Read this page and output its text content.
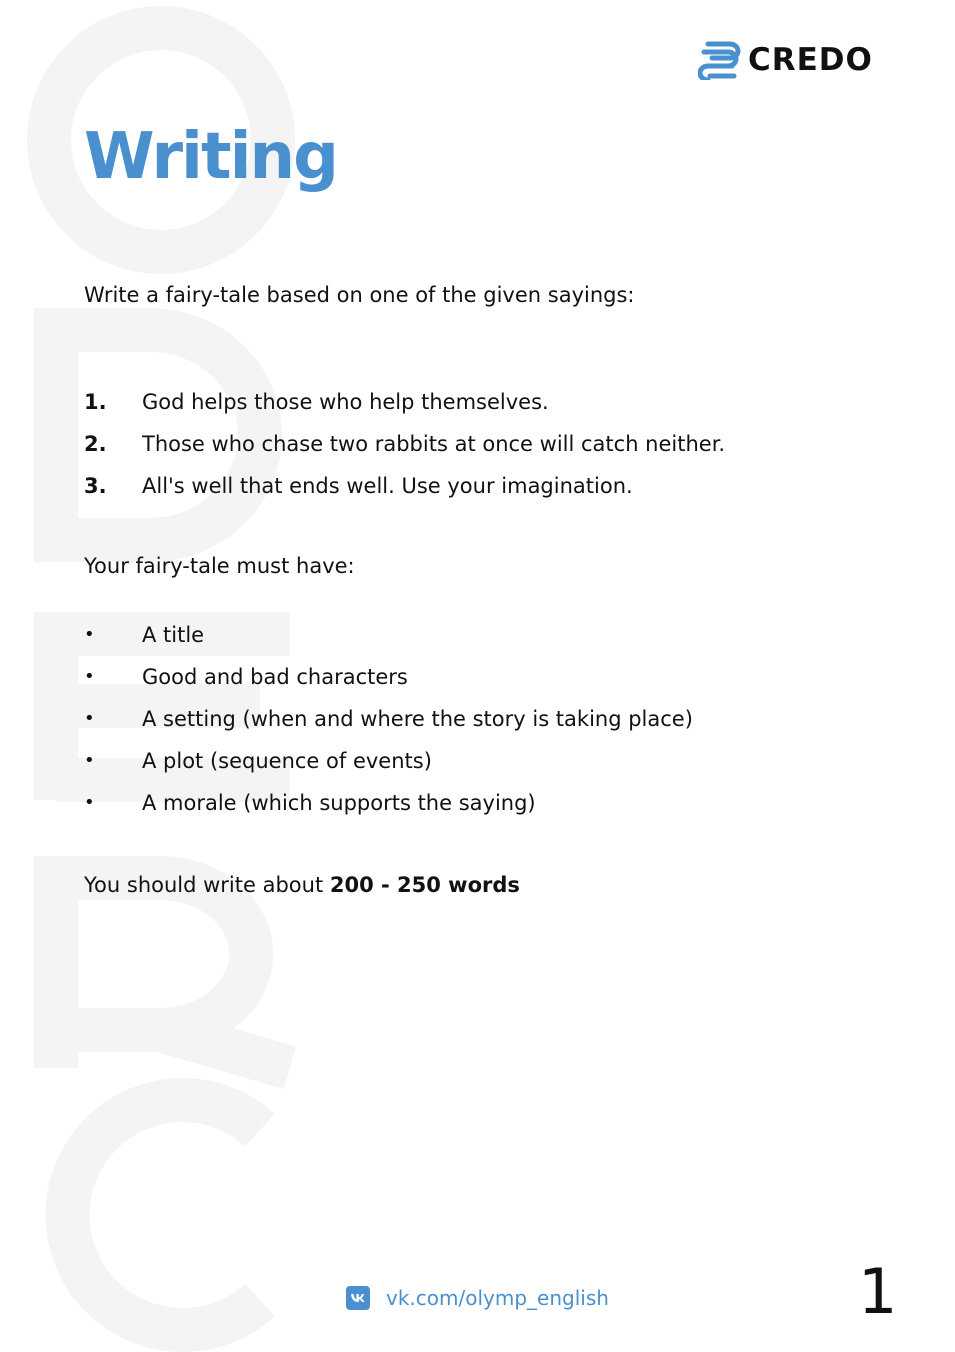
CREDO
Writing
Write a fairy-tale based on one of the given sayings:
1. God helps those who help themselves.
2. Those who chase two rabbits at once will catch neither.
3. All's well that ends well. Use your imagination.
Your fairy-tale must have:
• A title
• Good and bad characters
• A setting (when and where the story is taking place)
• A plot (sequence of events)
• A morale (which supports the saying)
You should write about 200 - 250 words
vk.com/olymp_english	1
